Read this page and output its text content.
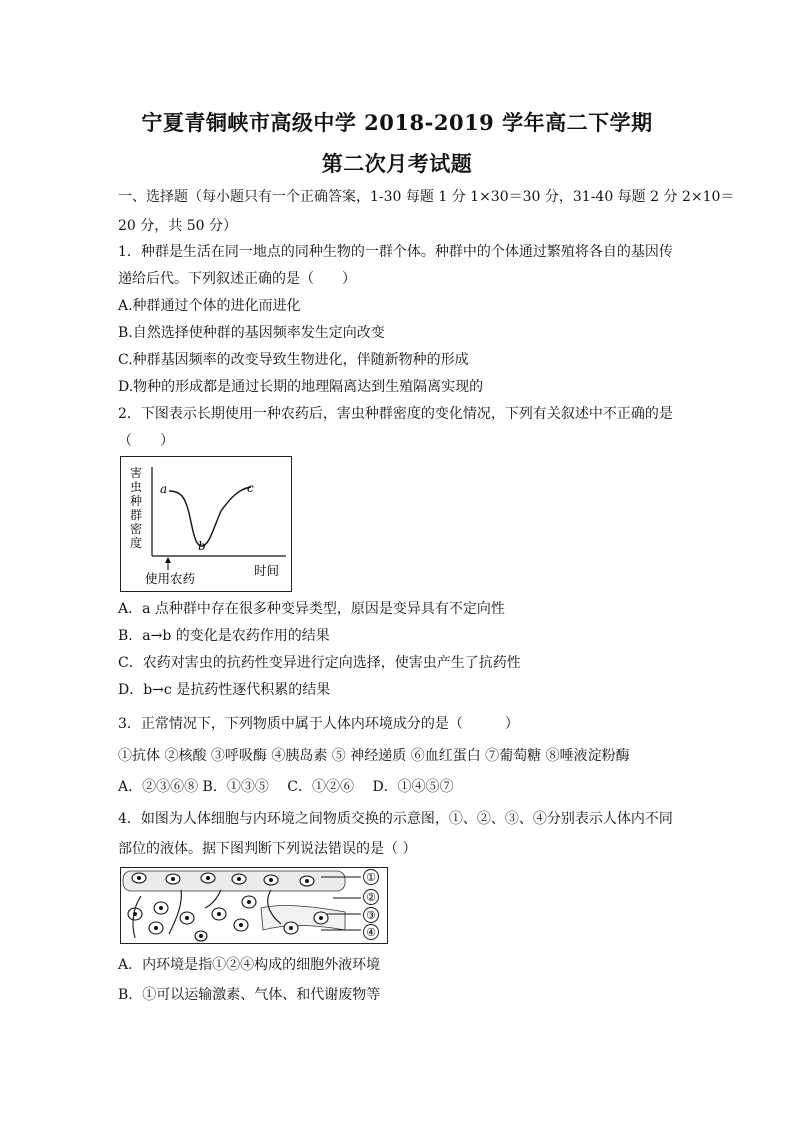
宁夏青铜峡市高级中学 2018-2019 学年高二下学期
第二次月考试题
一、选择题（每小题只有一个正确答案，1-30 每题 1 分 1×30＝30 分，31-40 每题 2 分 2×10＝
20 分，共 50 分）
1．种群是生活在同一地点的同种生物的一群个体。种群中的个体通过繁殖将各自的基因传
递给后代。下列叙述正确的是（　　）
A.种群通过个体的进化而进化
B.自然选择使种群的基因频率发生定向改变
C.种群基因频率的改变导致生物进化，伴随新物种的形成
D.物种的形成都是通过长期的地理隔离达到生殖隔离实现的
2．下图表示长期使用一种农药后，害虫种群密度的变化情况，下列有关叙述中不正确的是
（　　）
害 虫 种 群 密 度
使用农药
时间
a
b
c
A．a 点种群中存在很多种变异类型，原因是变异具有不定向性
B．a→b 的变化是农药作用的结果
C．农药对害虫的抗药性变异进行定向选择，使害虫产生了抗药性
D．b→c 是抗药性逐代积累的结果
3．正常情况下，下列物质中属于人体内环境成分的是（　　　）
①抗体 ②核酸 ③呼吸酶 ④胰岛素 ⑤ 神经递质 ⑥血红蛋白 ⑦葡萄糖 ⑧唾液淀粉酶
A．②③⑥⑧ B．①③⑤　 C．①②⑥　 D．①④⑤⑦
4．如图为人体细胞与内环境之间物质交换的示意图，①、②、③、④分别表示人体内不同
部位的液体。据下图判断下列说法错误的是（ ）
①
②
③
④
A．内环境是指①②④构成的细胞外液环境
B．①可以运输激素、气体、和代谢废物等
